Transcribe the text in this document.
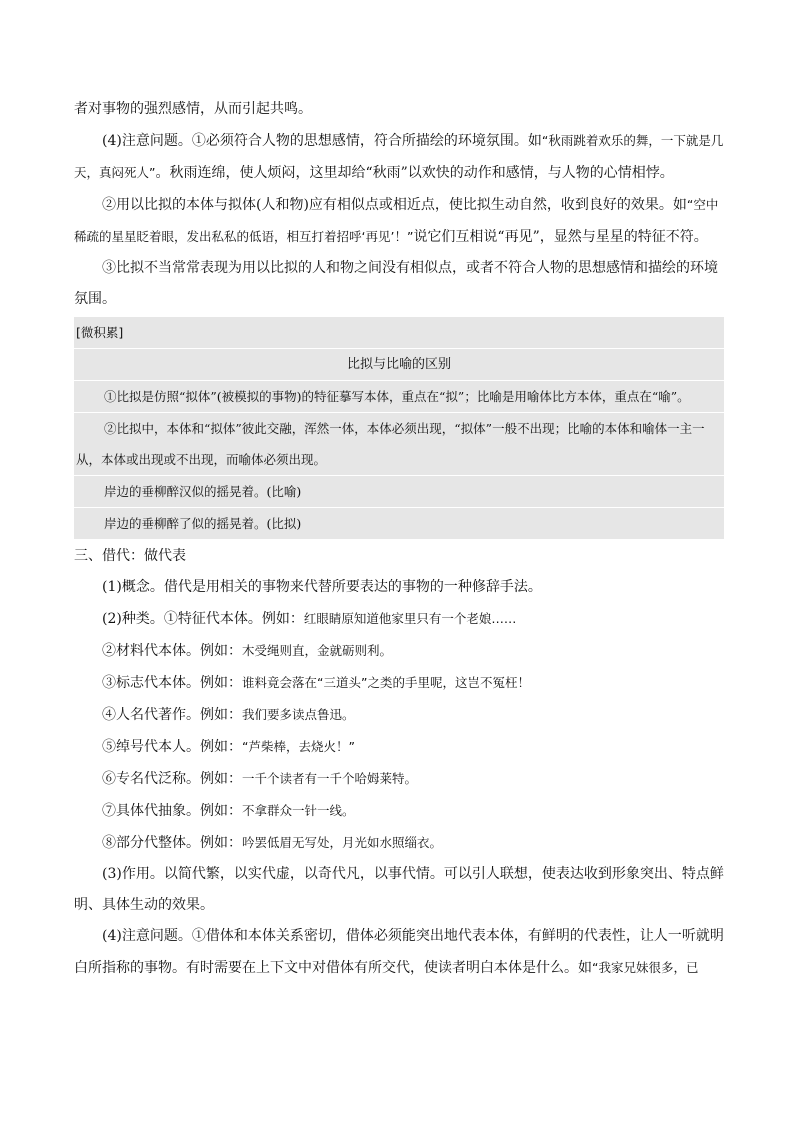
者对事物的强烈感情，从而引起共鸣。

(4)注意问题。①必须符合人物的思想感情，符合所描绘的环境氛围。如“秋雨跳着欢乐的舞，一下就是几天，真闷死人”。秋雨连绵，使人烦闷，这里却给“秋雨”以欢快的动作和感情，与人物的心情相悖。

②用以比拟的本体与拟体(人和物)应有相似点或相近点，使比拟生动自然，收到良好的效果。如“空中稀疏的星星眨着眼，发出私私的低语，相互打着招呼‘再见’！”说它们互相说“再见”，显然与星星的特征不符。

③比拟不当常常表现为用以比拟的人和物之间没有相似点，或者不符合人物的思想感情和描绘的环境氛围。

[微积累]

比拟与比喻的区别

①比拟是仿照“拟体”(被模拟的事物)的特征摹写本体，重点在“拟”；比喻是用喻体比方本体，重点在“喻”。

②比拟中，本体和“拟体”彼此交融，浑然一体，本体必须出现，“拟体”一般不出现；比喻的本体和喻体一主一从，本体或出现或不出现，而喻体必须出现。

岸边的垂柳醉汉似的摇晃着。(比喻)

岸边的垂柳醉了似的摇晃着。(比拟)

三、借代：做代表

(1)概念。借代是用相关的事物来代替所要表达的事物的一种修辞手法。

(2)种类。①特征代本体。例如：红眼睛原知道他家里只有一个老娘……

②材料代本体。例如：木受绳则直，金就砺则利。

③标志代本体。例如：谁料竟会落在“三道头”之类的手里呢，这岂不冤枉！

④人名代著作。例如：我们要多读点鲁迅。

⑤绰号代本人。例如：“芦柴棒，去烧火！”

⑥专名代泛称。例如：一千个读者有一千个哈姆莱特。

⑦具体代抽象。例如：不拿群众一针一线。

⑧部分代整体。例如：吟罢低眉无写处，月光如水照缁衣。

(3)作用。以简代繁，以实代虚，以奇代凡，以事代情。可以引人联想，使表达收到形象突出、特点鲜明、具体生动的效果。

(4)注意问题。①借体和本体关系密切，借体必须能突出地代表本体，有鲜明的代表性，让人一听就明白所指称的事物。有时需要在上下文中对借体有所交代，使读者明白本体是什么。如“我家兄妹很多，已
